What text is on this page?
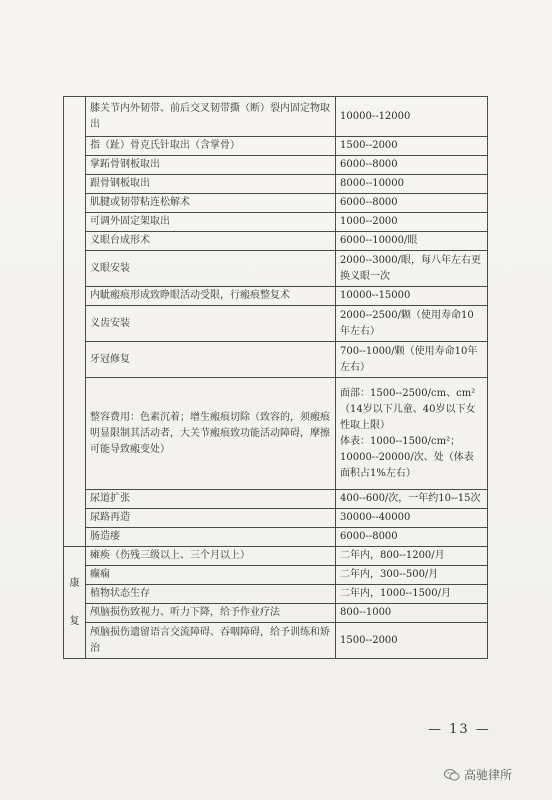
	膝关节内外韧带、前后交叉韧带撕（断）裂内固定物取出	10000--12000
	指（趾）骨克氏针取出（含掌骨）	1500--2000
	掌跖骨钢板取出	6000--8000
	跟骨钢板取出	8000--10000
	肌腱或韧带粘连松解术	6000--8000
	可调外固定架取出	1000--2000
	义眼台成形术	6000--10000/眼
	义眼安装	2000--3000/眼，每八年左右更换义眼一次
	内眦瘢痕形成致睁眼活动受限，行瘢痕整复术	10000--15000
	义齿安装	2000--2500/颗（使用寿命10年左右）
	牙冠修复	700--1000/颗（使用寿命10年左右）
	整容费用：色素沉着；增生瘢痕切除（致容的，须瘢痕明显限制其活动者，大关节瘢痕致功能活动障碍，摩擦可能导致瘢变处）	面部：1500--2500/cm、cm²（14岁以下儿童、40岁以下女性取上限）
体表：1000--1500/cm²；
10000--20000/次、处（体表面积占1%左右）

	尿道扩张	400--600/次，一年约10--15次
	尿路再造	30000--40000
	肠造瘘	6000--8000

康
复	瘫痪（伤残三级以上、三个月以上）	二年内，800--1200/月
	癫痫	二年内，300--500/月
	植物状态生存	二年内，1000--1500/月
	颅脑损伤致视力、听力下降，给予作业疗法	800--1000
	颅脑损伤遗留语言交流障碍、吞咽障碍，给予训练和矫治	1500--2000
— 13 —
高驰律所
